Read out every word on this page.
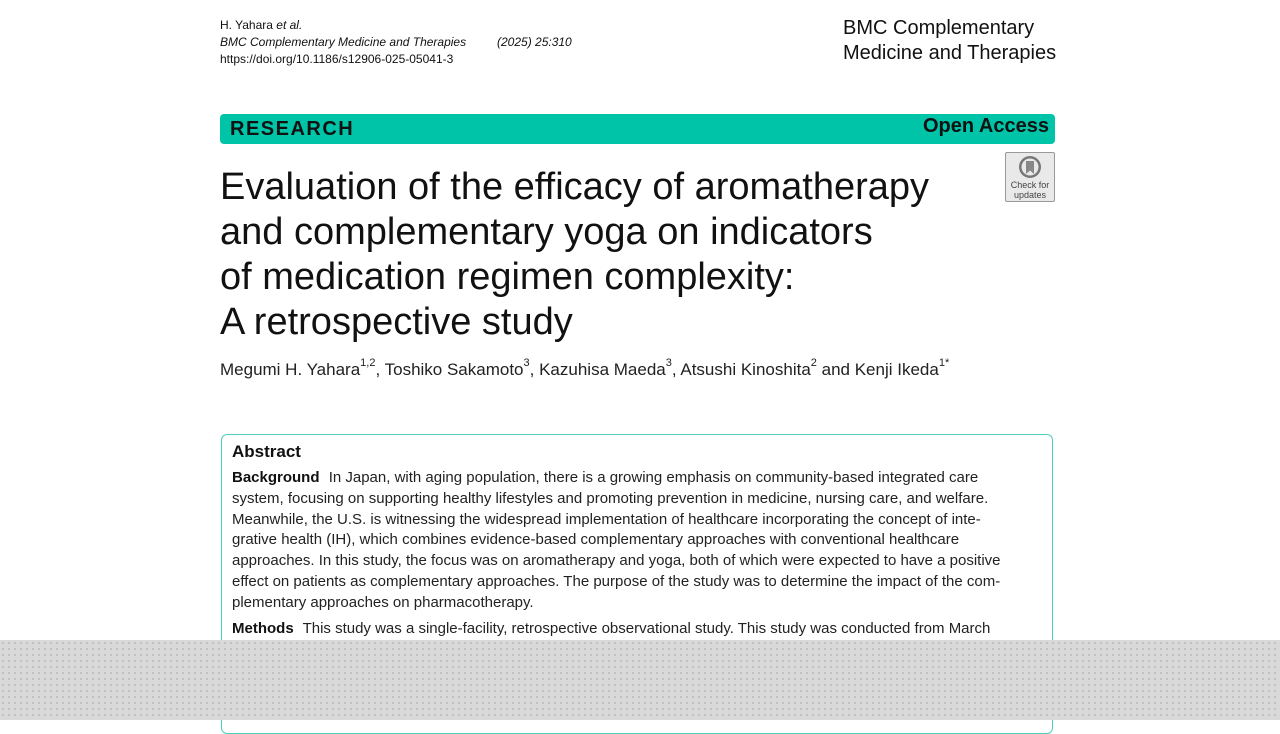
H. Yahara et al.
BMC Complementary Medicine and Therapies	(2025) 25:310
https://doi.org/10.1186/s12906-025-05041-3
BMC Complementary
Medicine and Therapies
RESEARCH	Open Access
Check for
updates
Evaluation of the efficacy of aromatherapy
and complementary yoga on indicators
of medication regimen complexity:
A retrospective study
Megumi H. Yahara$^{1,2}$, Toshiko Sakamoto$^3$, Kazuhisa Maeda$^3$, Atsushi Kinoshita$^2$ and Kenji Ikeda$^{1*}$
Abstract
Background In Japan, with aging population, there is a growing emphasis on community-based integrated care
system, focusing on supporting healthy lifestyles and promoting prevention in medicine, nursing care, and welfare.
Meanwhile, the U.S. is witnessing the widespread implementation of healthcare incorporating the concept of inte-
grative health (IH), which combines evidence-based complementary approaches with conventional healthcare
approaches. In this study, the focus was on aromatherapy and yoga, both of which were expected to have a positive
effect on patients as complementary approaches. The purpose of the study was to determine the impact of the com-
plementary approaches on pharmacotherapy.
Methods This study was a single-facility, retrospective observational study. This study was conducted from March
